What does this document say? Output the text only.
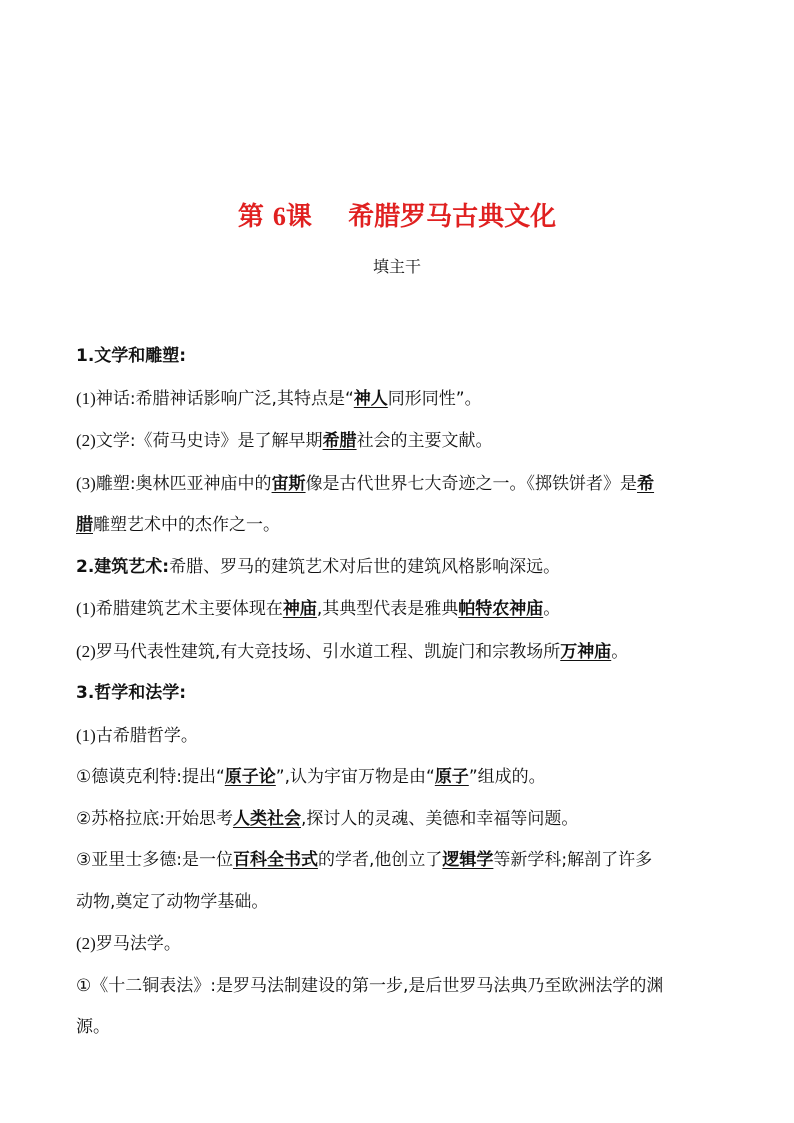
第 6课 希腊罗马古典文化
填主干
1.文学和雕塑:
(1)神话:希腊神话影响广泛,其特点是“神人同形同性”。
(2)文学:《荷马史诗》是了解早期希腊社会的主要文献。
(3)雕塑:奥林匹亚神庙中的宙斯像是古代世界七大奇迹之一。《掷铁饼者》是希
腊雕塑艺术中的杰作之一。
2.建筑艺术:希腊、罗马的建筑艺术对后世的建筑风格影响深远。
(1)希腊建筑艺术主要体现在神庙,其典型代表是雅典帕特农神庙。
(2)罗马代表性建筑,有大竞技场、引水道工程、凯旋门和宗教场所万神庙。
3.哲学和法学:
(1)古希腊哲学。
①德谟克利特:提出“原子论”,认为宇宙万物是由“原子”组成的。
②苏格拉底:开始思考人类社会,探讨人的灵魂、美德和幸福等问题。
③亚里士多德:是一位百科全书式的学者,他创立了逻辑学等新学科;解剖了许多
动物,奠定了动物学基础。
(2)罗马法学。
①《十二铜表法》:是罗马法制建设的第一步,是后世罗马法典乃至欧洲法学的渊
源。
